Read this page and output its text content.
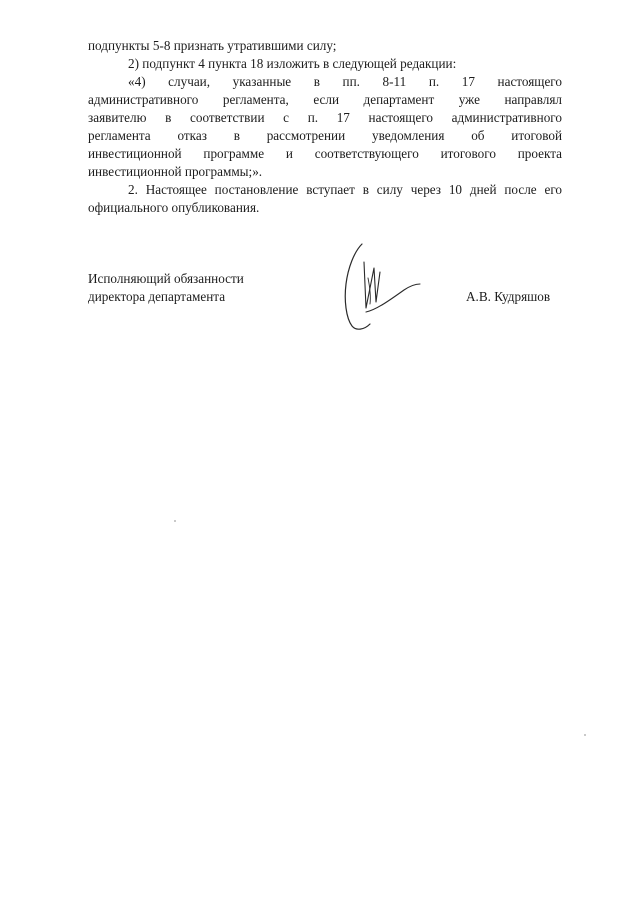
подпункты 5-8 признать утратившими силу;
2) подпункт 4 пункта 18 изложить в следующей редакции:
«4) случаи, указанные в пп. 8-11 п. 17 настоящего
административного регламента, если департамент уже направлял
заявителю в соответствии с п. 17 настоящего административного
регламента отказ в рассмотрении уведомления об итоговой
инвестиционной программе и соответствующего итогового проекта
инвестиционной программы;».
2. Настоящее постановление вступает в силу через 10 дней после его
официального опубликования.
Исполняющий обязанности
директора департамента	А.В. Кудряшов
